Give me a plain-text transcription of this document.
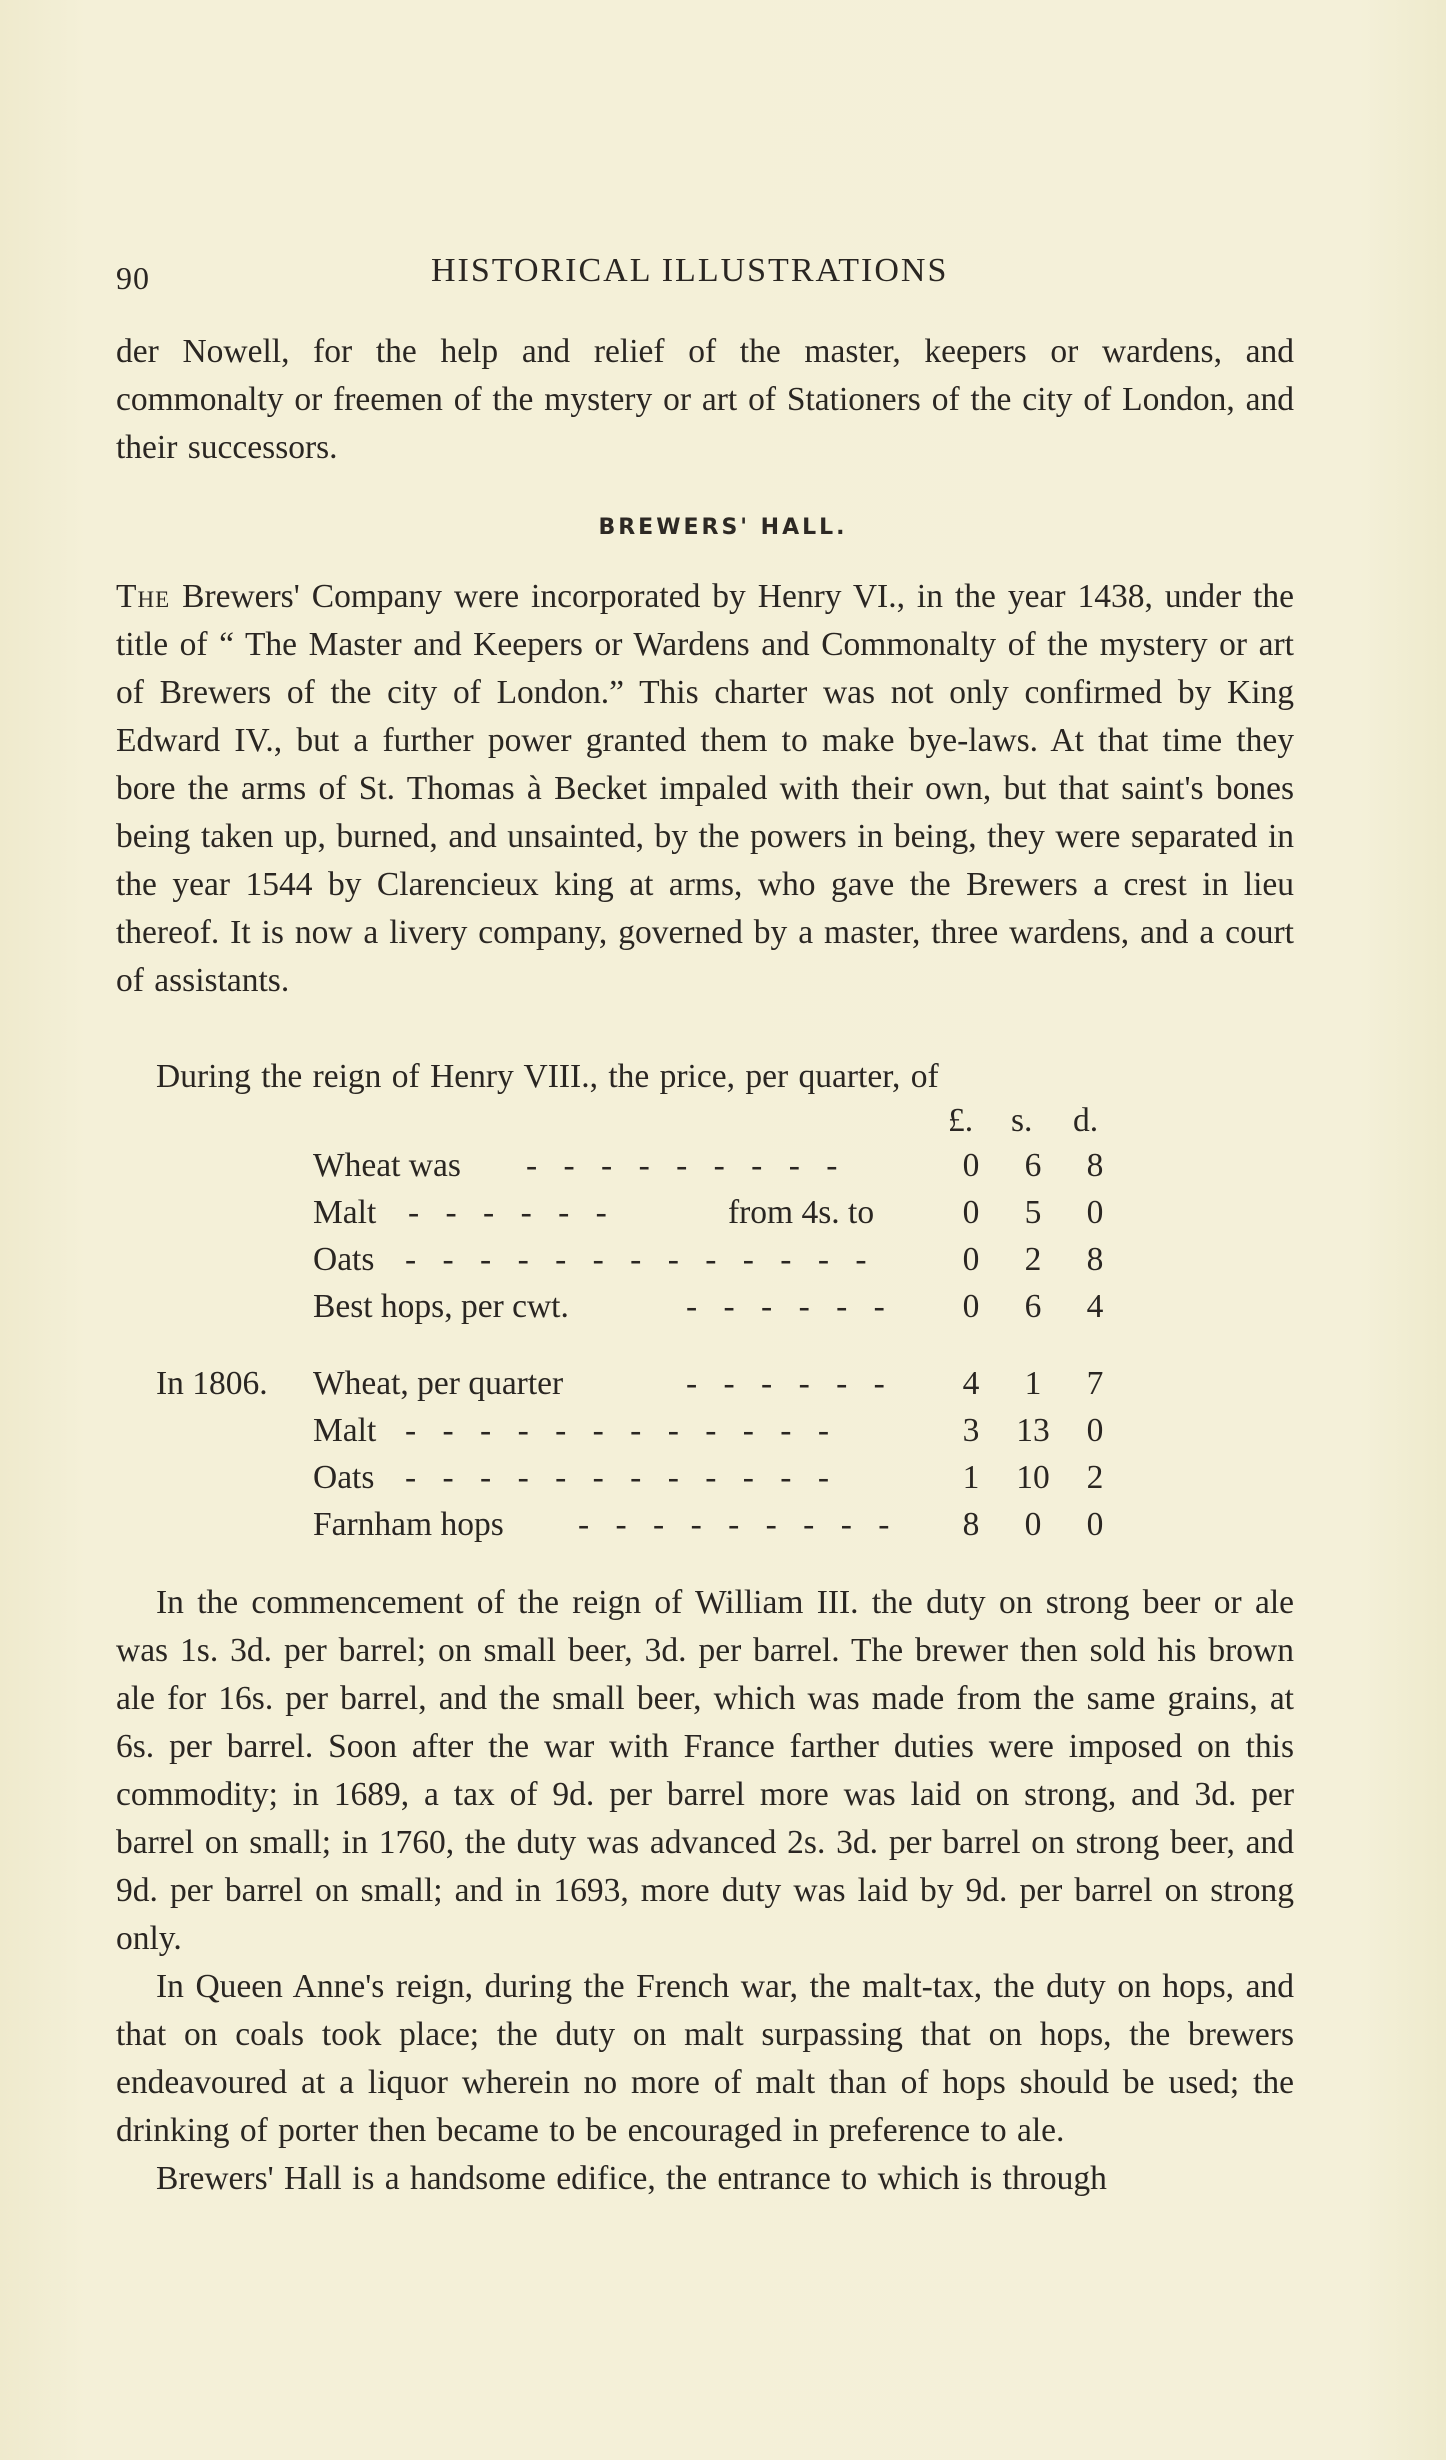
90	HISTORICAL ILLUSTRATIONS

der Nowell, for the help and relief of the master, keepers or wardens, and commonalty or freemen of the mystery or art of Stationers of the city of London, and their successors.

BREWERS' HALL.

The Brewers' Company were incorporated by Henry VI., in the year 1438, under the title of “ The Master and Keepers or Wardens and Commonalty of the mystery or art of Brewers of the city of London.” This charter was not only confirmed by King Edward IV., but a further power granted them to make bye-laws. At that time they bore the arms of St. Thomas à Becket impaled with their own, but that saint's bones being taken up, burned, and unsainted, by the powers in being, they were separated in the year 1544 by Clarencieux king at arms, who gave the Brewers a crest in lieu thereof. It is now a livery company, governed by a master, three wardens, and a court of assistants.

During the reign of Henry VIII., the price, per quarter, of

£. s. d.
Wheat was - - - - - - - - -	0	6	8
Malt - - - - - -	from 4s. to	0	5	0
Oats - - - - - - - - - - - - -	0	2	8
Best hops, per cwt.	- - - - - -	0	6	4
In 1806. Wheat, per quarter	- - - - - -	4	1	7
Malt - - - - - - - - - - - -	3	13	0
Oats - - - - - - - - - - - -	1	10	2
Farnham hops - - - - - - - - -	8	0	0

In the commencement of the reign of William III. the duty on strong beer or ale was 1s. 3d. per barrel; on small beer, 3d. per barrel. The brewer then sold his brown ale for 16s. per barrel, and the small beer, which was made from the same grains, at 6s. per barrel. Soon after the war with France farther duties were imposed on this commodity; in 1689, a tax of 9d. per barrel more was laid on strong, and 3d. per barrel on small; in 1760, the duty was advanced 2s. 3d. per barrel on strong beer, and 9d. per barrel on small; and in 1693, more duty was laid by 9d. per barrel on strong only.

In Queen Anne's reign, during the French war, the malt-tax, the duty on hops, and that on coals took place; the duty on malt surpassing that on hops, the brewers endeavoured at a liquor wherein no more of malt than of hops should be used; the drinking of porter then became to be encouraged in preference to ale.

Brewers' Hall is a handsome edifice, the entrance to which is through
